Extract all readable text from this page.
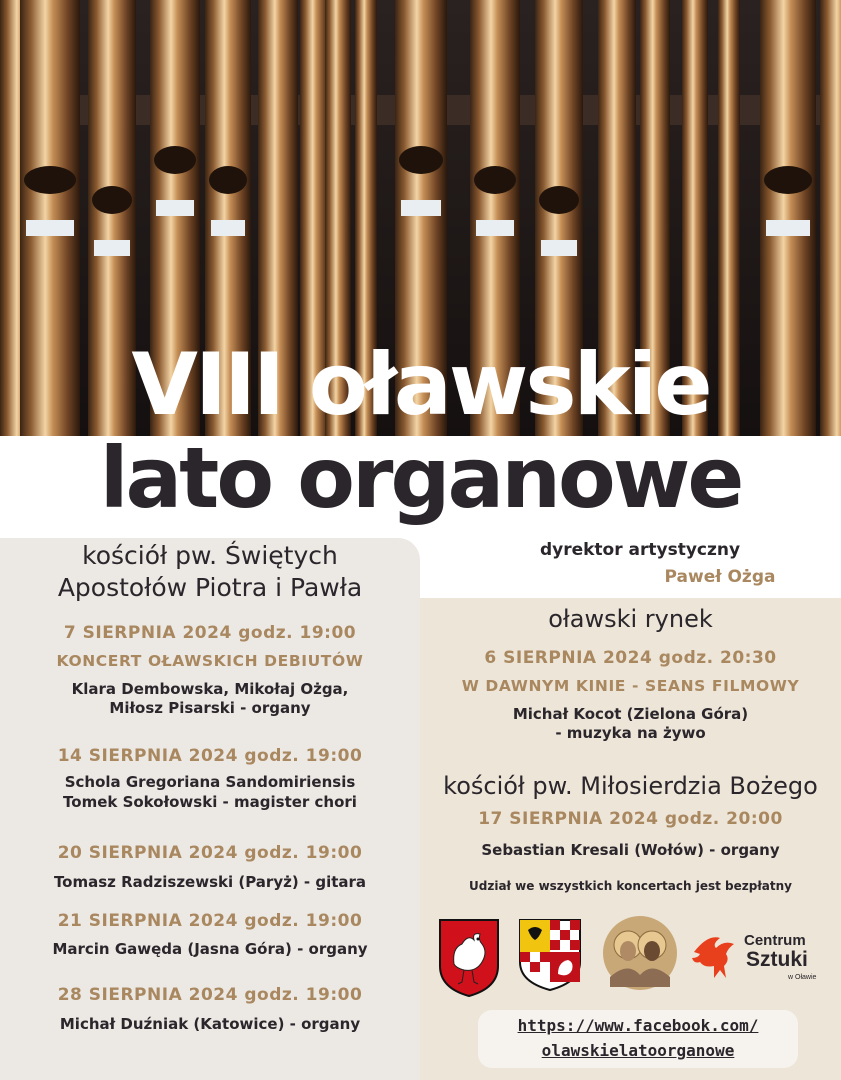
VIII oławskie
lato organowe
kościół pw. Świętych
Apostołów Piotra i Pawła
7 SIERPNIA 2024 godz. 19:00
KONCERT OŁAWSKICH DEBIUTÓW
Klara Dembowska, Mikołaj Ożga,
Miłosz Pisarski - organy
14 SIERPNIA 2024 godz. 19:00
Schola Gregoriana Sandomiriensis
Tomek Sokołowski - magister chori
20 SIERPNIA 2024 godz. 19:00
Tomasz Radziszewski (Paryż) - gitara
21 SIERPNIA 2024 godz. 19:00
Marcin Gawęda (Jasna Góra) - organy
28 SIERPNIA 2024 godz. 19:00
Michał Duźniak (Katowice) - organy
dyrektor artystyczny
Paweł Ożga
oławski rynek
6 SIERPNIA 2024 godz. 20:30
W DAWNYM KINIE - SEANS FILMOWY
Michał Kocot (Zielona Góra)
- muzyka na żywo
kościół pw. Miłosierdzia Bożego
17 SIERPNIA 2024 godz. 20:00
Sebastian Kresali (Wołów) - organy
Udział we wszystkich koncertach jest bezpłatny
Centrum
Sztuki
w Oławie
https://www.facebook.com/
olawskielatoorganowe
